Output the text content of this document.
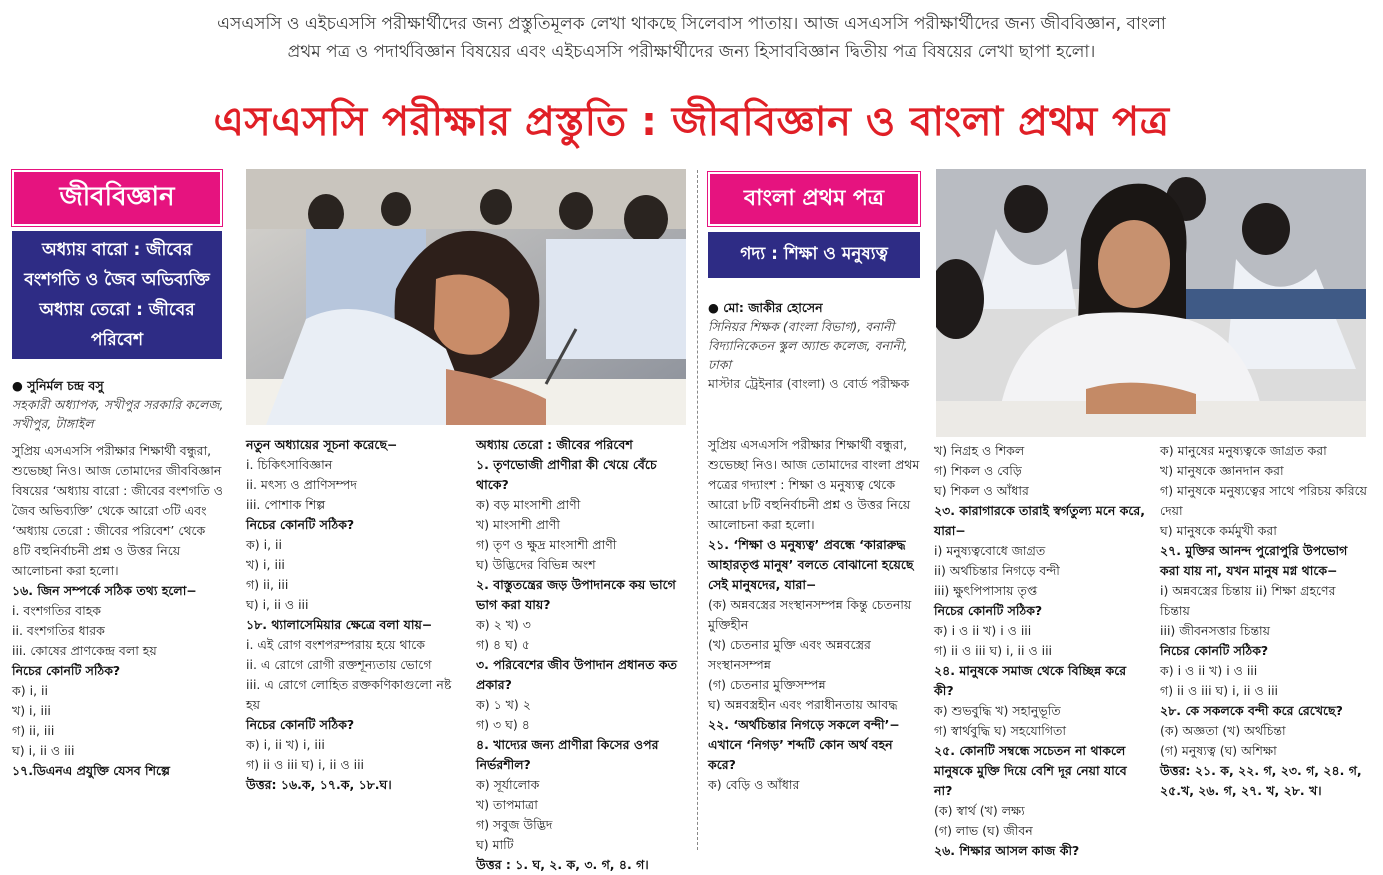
এসএসসি ও এইচএসসি পরীক্ষার্থীদের জন্য প্রস্তুতিমূলক লেখা থাকছে সিলেবাস পাতায়। আজ এসএসসি পরীক্ষার্থীদের জন্য জীববিজ্ঞান, বাংলা
প্রথম পত্র ও পদার্থবিজ্ঞান বিষয়ের এবং এইচএসসি পরীক্ষার্থীদের জন্য হিসাববিজ্ঞান দ্বিতীয় পত্র বিষয়ের লেখা ছাপা হলো।
এসএসসি পরীক্ষার প্রস্তুতি : জীববিজ্ঞান ও বাংলা প্রথম পত্র
জীববিজ্ঞান
অধ্যায় বারো : জীবের
বংশগতি ও জৈব অভিব্যক্তি
অধ্যায় তেরো : জীবের
পরিবেশ
● সুনির্মল চন্দ্র বসু
সহকারী অধ্যাপক, সখীপুর সরকারি কলেজ, সখীপুর, টাঙ্গাইল

সুপ্রিয় এসএসসি পরীক্ষার শিক্ষার্থী বন্ধুরা, শুভেচ্ছা নিও। আজ তোমাদের জীববিজ্ঞান বিষয়ের ‘অধ্যায় বারো : জীবের বংশগতি ও জৈব অভিব্যক্তি’ থেকে আরো ৩টি এবং ‘অধ্যায় তেরো : জীবের পরিবেশ’ থেকে ৪টি বহুনির্বাচনী প্রশ্ন ও উত্তর নিয়ে আলোচনা করা হলো।

১৬. জিন সম্পর্কে সঠিক তথ্য হলো−

i. বংশগতির বাহক

ii. বংশগতির ধারক

iii. কোষের প্রাণকেন্দ্র বলা হয়

নিচের কোনটি সঠিক?

ক) i, ii

খ) i, iii

গ) ii, iii

ঘ) i, ii ও iii

১৭.ডিএনএ প্রযুক্তি যেসব শিল্পে

নতুন অধ্যায়ের সূচনা করেছে−

i. চিকিৎসাবিজ্ঞান

ii. মৎস্য ও প্রাণিসম্পদ

iii. পোশাক শিল্প

নিচের কোনটি সঠিক?

ক) i, ii

খ) i, iii

গ) ii, iii

ঘ) i, ii ও iii

১৮. থ্যালাসেমিয়ার ক্ষেত্রে বলা যায়−

i. এই রোগ বংশপরম্পরায় হয়ে থাকে

ii. এ রোগে রোগী রক্তশূন্যতায় ভোগে

iii. এ রোগে লোহিত রক্তকণিকাগুলো নষ্ট হয়

নিচের কোনটি সঠিক?

ক) i, ii খ) i, iii

গ) ii ও iii ঘ) i, ii ও iii

উত্তর: ১৬.ক, ১৭.ক, ১৮.ঘ।

অধ্যায় তেরো : জীবের পরিবেশ

১. তৃণভোজী প্রাণীরা কী খেয়ে বেঁচে থাকে?

ক) বড় মাংসাশী প্রাণী

খ) মাংসাশী প্রাণী

গ) তৃণ ও ক্ষুদ্র মাংসাশী প্রাণী

ঘ) উদ্ভিদের বিভিন্ন অংশ

২. বাস্তুতন্ত্রের জড় উপাদানকে কয় ভাগে ভাগ করা যায়?

ক) ২ খ) ৩

গ) ৪ ঘ) ৫

৩. পরিবেশের জীব উপাদান প্রধানত কত প্রকার?

ক) ১ খ) ২

গ) ৩ ঘ) ৪

৪. খাদ্যের জন্য প্রাণীরা কিসের ওপর নির্ভরশীল?

ক) সূর্যালোক

খ) তাপমাত্রা

গ) সবুজ উদ্ভিদ

ঘ) মাটি

উত্তর : ১. ঘ, ২. ক, ৩. গ, ৪. গ।

বাংলা প্রথম পত্র
গদ্য : শিক্ষা ও মনুষ্যত্ব
● মো: জাকীর হোসেন
সিনিয়র শিক্ষক (বাংলা বিভাগ), বনানী বিদ্যানিকেতন স্কুল অ্যান্ড কলেজ, বনানী, ঢাকা
মাস্টার ট্রেইনার (বাংলা) ও বোর্ড পরীক্ষক

সুপ্রিয় এসএসসি পরীক্ষার শিক্ষার্থী বন্ধুরা, শুভেচ্ছা নিও। আজ তোমাদের বাংলা প্রথম পত্রের গদ্যাংশ : শিক্ষা ও মনুষ্যত্ব থেকে আরো ৮টি বহুনির্বাচনী প্রশ্ন ও উত্তর নিয়ে আলোচনা করা হলো।

২১. ‘শিক্ষা ও মনুষ্যত্ব’ প্রবন্ধে ‘কারারুদ্ধ আহারতৃপ্ত মানুষ’ বলতে বোঝানো হয়েছে সেই মানুষদের, যারা−

(ক) অন্নবস্ত্রের সংস্থানসম্পন্ন কিন্তু চেতনায় মুক্তিহীন

(খ) চেতনার মুক্তি এবং অন্নবস্ত্রের সংস্থানসম্পন্ন

(গ) চেতনার মুক্তিসম্পন্ন

ঘ) অন্নবস্ত্রহীন এবং পরাধীনতায় আবদ্ধ

২২. ‘অর্থচিন্তার নিগড়ে সকলে বন্দী’− এখানে ‘নিগড়’ শব্দটি কোন অর্থ বহন করে?

ক) বেড়ি ও আঁধার

খ) নিগ্রহ ও শিকল

গ) শিকল ও বেড়ি

ঘ) শিকল ও আঁধার

২৩. কারাগারকে তারাই স্বর্গতুল্য মনে করে, যারা−

i) মনুষ্যত্ববোধে জাগ্রত

ii) অর্থচিন্তার নিগড়ে বন্দী

iii) ক্ষুৎপিপাসায় তৃপ্ত

নিচের কোনটি সঠিক?

ক) i ও ii খ) i ও iii

গ) ii ও iii ঘ) i, ii ও iii

২৪. মানুষকে সমাজ থেকে বিচ্ছিন্ন করে কী?

ক) শুভবুদ্ধি খ) সহানুভূতি

গ) স্বার্থবুদ্ধি ঘ) সহযোগিতা

২৫. কোনটি সম্বন্ধে সচেতন না থাকলে মানুষকে মুক্তি দিয়ে বেশি দূর নেয়া যাবে না?

(ক) স্বার্থ (খ) লক্ষ্য

(গ) লাভ (ঘ) জীবন

২৬. শিক্ষার আসল কাজ কী?

ক) মানুষের মনুষ্যত্বকে জাগ্রত করা

খ) মানুষকে জ্ঞানদান করা

গ) মানুষকে মনুষ্যত্বের সাথে পরিচয় করিয়ে দেয়া

ঘ) মানুষকে কর্মমুখী করা

২৭. মুক্তির আনন্দ পুরোপুরি উপভোগ করা যায় না, যখন মানুষ মগ্ন থাকে−

i) অন্নবস্ত্রের চিন্তায় ii) শিক্ষা গ্রহণের চিন্তায়

iii) জীবনসত্তার চিন্তায়

নিচের কোনটি সঠিক?

ক) i ও ii খ) i ও iii

গ) ii ও iii ঘ) i, ii ও iii

২৮. কে সকলকে বন্দী করে রেখেছে?

(ক) অজ্ঞতা (খ) অর্থচিন্তা

(গ) মনুষ্যত্ব (ঘ) অশিক্ষা

উত্তর: ২১. ক, ২২. গ, ২৩. গ, ২৪. গ, ২৫.খ, ২৬. গ, ২৭. খ, ২৮. খ।
